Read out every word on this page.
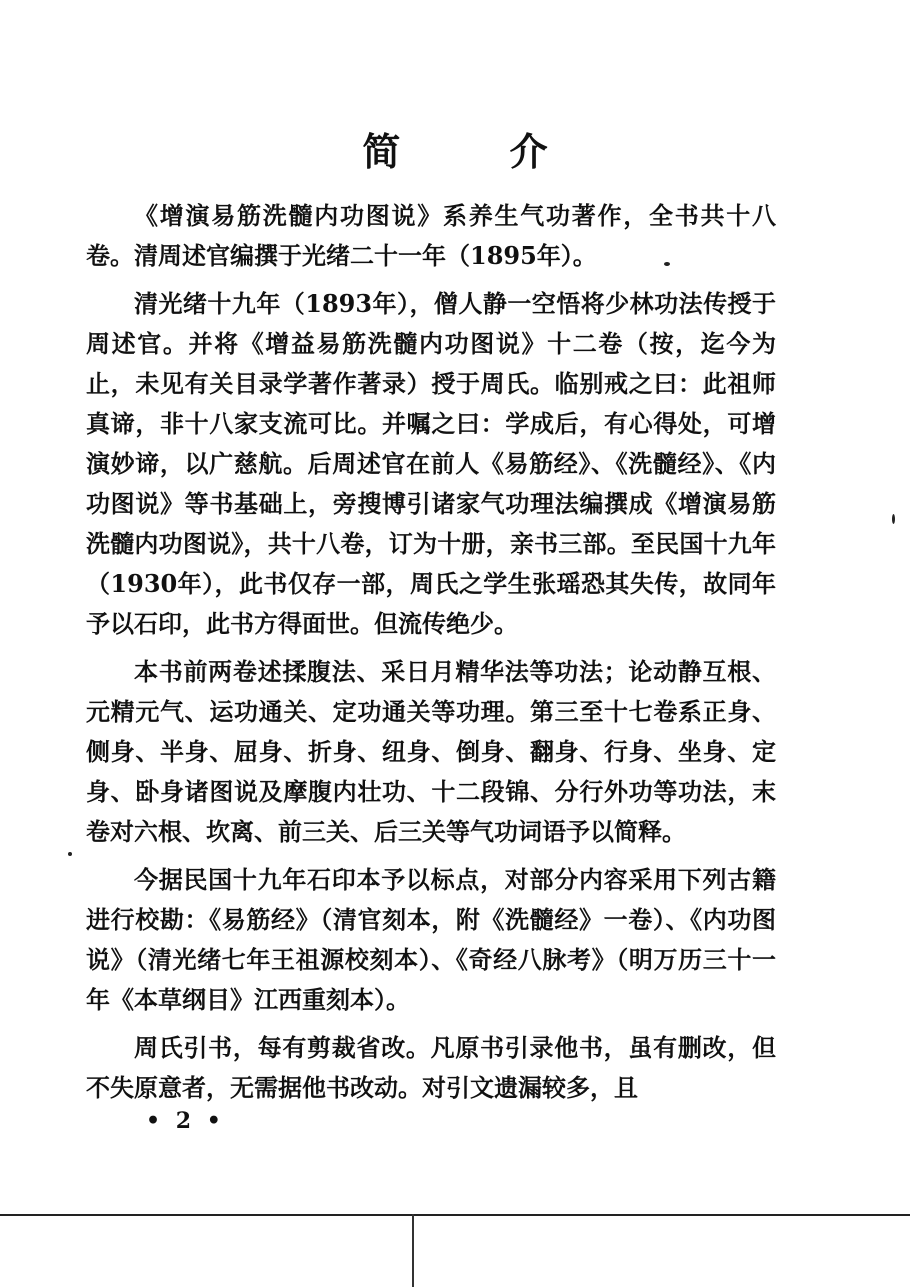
简 介

《增演易筋洗髓内功图说》系养生气功著作，全书共十八卷。清周述官编撰于光绪二十一年（1895年）。

清光绪十九年（1893年），僧人静一空悟将少林功法传授于周述官。并将《增益易筋洗髓内功图说》十二卷（按，迄今为止，未见有关目录学著作著录）授于周氏。临别戒之曰：此祖师真谛，非十八家支流可比。并嘱之曰：学成后，有心得处，可增演妙谛，以广慈航。后周述官在前人《易筋经》、《洗髓经》、《内功图说》等书基础上，旁搜博引诸家气功理法编撰成《增演易筋洗髓内功图说》，共十八卷，订为十册，亲书三部。至民国十九年（1930年），此书仅存一部，周氏之学生张瑶恐其失传，故同年予以石印，此书方得面世。但流传绝少。

本书前两卷述揉腹法、采日月精华法等功法；论动静互根、元精元气、运功通关、定功通关等功理。第三至十七卷系正身、侧身、半身、屈身、折身、纽身、倒身、翻身、行身、坐身、定身、卧身诸图说及摩腹内壮功、十二段锦、分行外功等功法，末卷对六根、坎离、前三关、后三关等气功词语予以简释。

今据民国十九年石印本予以标点，对部分内容采用下列古籍进行校勘：《易筋经》（清官刻本，附《洗髓经》一卷）、《内功图说》（清光绪七年王祖源校刻本）、《奇经八脉考》（明万历三十一年《本草纲目》江西重刻本）。

周氏引书，每有剪裁省改。凡原书引录他书，虽有删改，但不失原意者，无需据他书改动。对引文遗漏较多，且

• 2 •
